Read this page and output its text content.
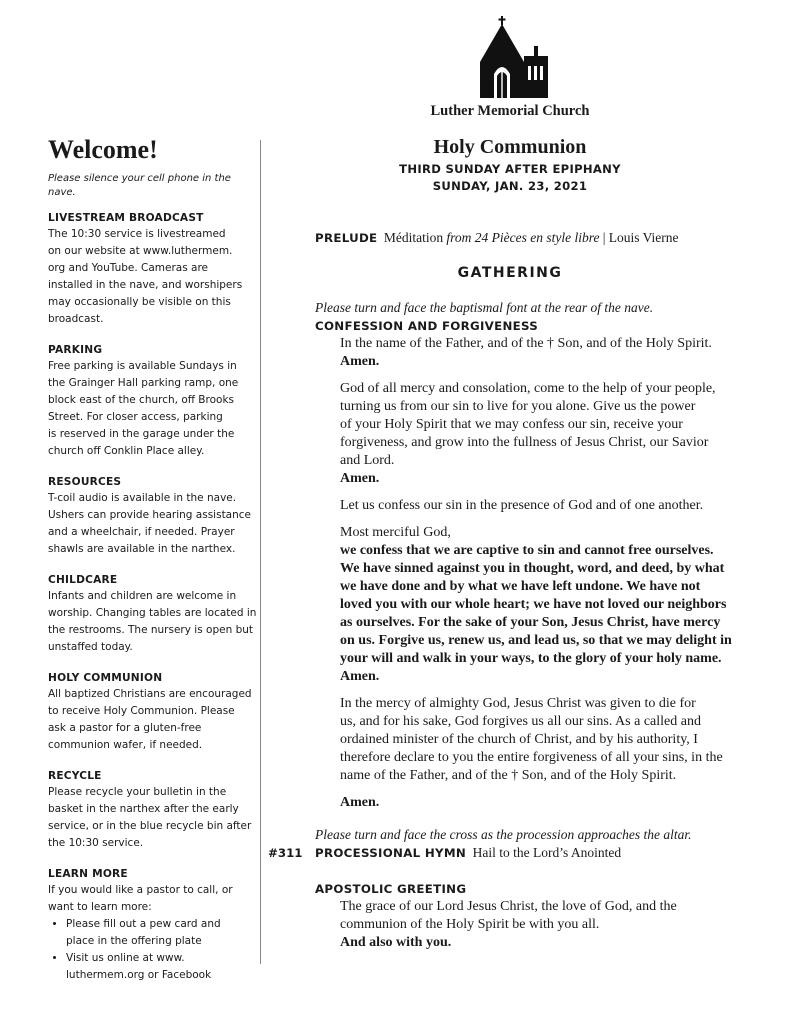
Luther Memorial Church
Welcome!
Please silence your cell phone in the nave.
LIVESTREAM BROADCAST
The 10:30 service is livestreamed
on our website at www.luthermem.
org and YouTube. Cameras are
installed in the nave, and worshipers
may occasionally be visible on this
broadcast.
PARKING
Free parking is available Sundays in
the Grainger Hall parking ramp, one
block east of the church, off Brooks
Street. For closer access, parking
is reserved in the garage under the
church off Conklin Place alley.
RESOURCES
T-coil audio is available in the nave.
Ushers can provide hearing assistance
and a wheelchair, if needed. Prayer
shawls are available in the narthex.
CHILDCARE
Infants and children are welcome in
worship. Changing tables are located in
the restrooms. The nursery is open but
unstaffed today.
HOLY COMMUNION
All baptized Christians are encouraged
to receive Holy Communion. Please
ask a pastor for a gluten-free
communion wafer, if needed.
RECYCLE
Please recycle your bulletin in the
basket in the narthex after the early
service, or in the blue recycle bin after
the 10:30 service.
LEARN MORE
If you would like a pastor to call, or
want to learn more:
• Please fill out a pew card and
place in the offering plate
• Visit us online at www.
luthermem.org or Facebook
Holy Communion
THIRD SUNDAY AFTER EPIPHANY
SUNDAY, JAN. 23, 2021
PRELUDE Méditation from 24 Pièces en style libre | Louis Vierne
GATHERING
Please turn and face the baptismal font at the rear of the nave.
CONFESSION AND FORGIVENESS
In the name of the Father, and of the † Son, and of the Holy Spirit.
Amen.
God of all mercy and consolation, come to the help of your people,
turning us from our sin to live for you alone. Give us the power
of your Holy Spirit that we may confess our sin, receive your
forgiveness, and grow into the fullness of Jesus Christ, our Savior
and Lord.
Amen.
Let us confess our sin in the presence of God and of one another.
Most merciful God,
we confess that we are captive to sin and cannot free ourselves.
We have sinned against you in thought, word, and deed, by what
we have done and by what we have left undone. We have not
loved you with our whole heart; we have not loved our neighbors
as ourselves. For the sake of your Son, Jesus Christ, have mercy
on us. Forgive us, renew us, and lead us, so that we may delight in
your will and walk in your ways, to the glory of your holy name.
Amen.
In the mercy of almighty God, Jesus Christ was given to die for
us, and for his sake, God forgives us all our sins. As a called and
ordained minister of the church of Christ, and by his authority, I
therefore declare to you the entire forgiveness of all your sins, in the
name of the Father, and of the † Son, and of the Holy Spirit.
Amen.
Please turn and face the cross as the procession approaches the altar.
PROCESSIONAL HYMN Hail to the Lord’s Anointed
APOSTOLIC GREETING
The grace of our Lord Jesus Christ, the love of God, and the
communion of the Holy Spirit be with you all.
And also with you.
#311
